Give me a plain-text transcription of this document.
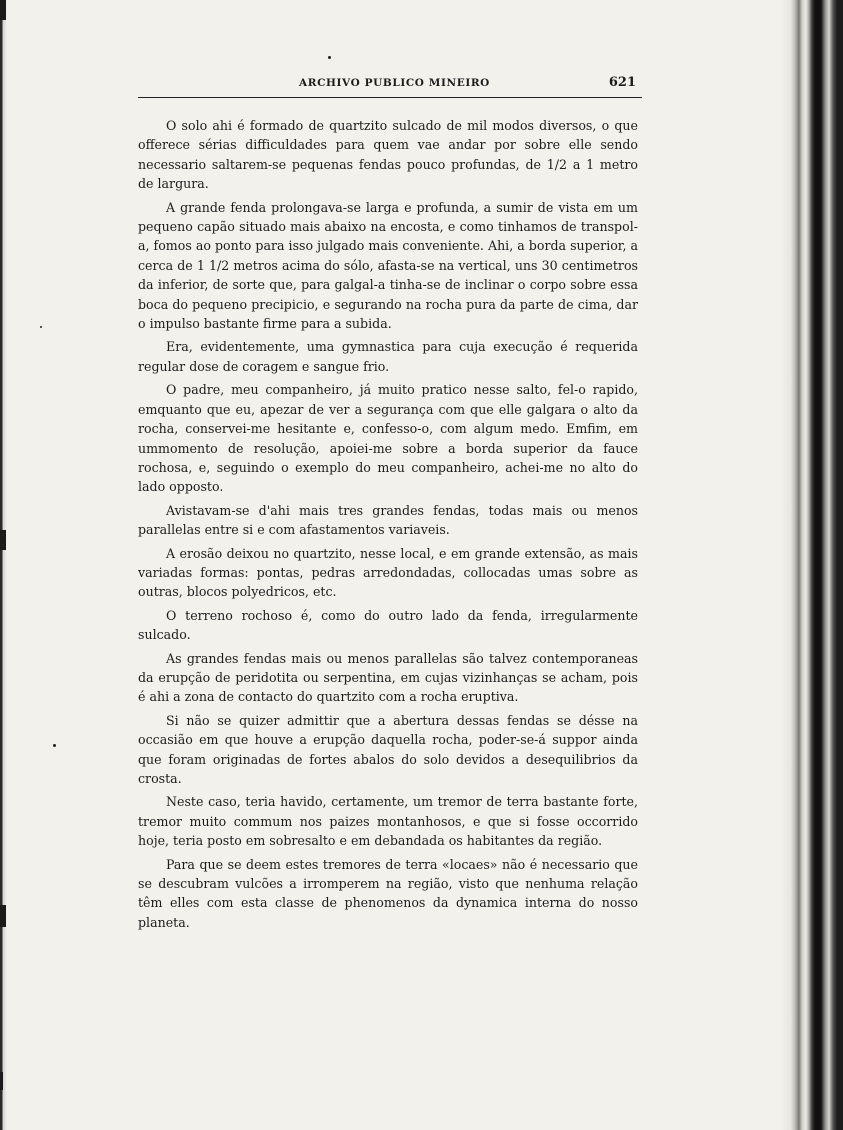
ARCHIVO PUBLICO MINEIRO	621

O solo ahi é formado de quartzito sulcado de mil modos diversos, o que offerece sérias difficuldades para quem vae andar por sobre elle sendo necessario saltarem-se pequenas fendas pouco profundas, de 1/2 a 1 metro de largura.

A grande fenda prolongava-se larga e profunda, a sumir de vista em um pequeno capão situado mais abaixo na encosta, e como tinhamos de transpol-a, fomos ao ponto para isso julgado mais conveniente. Ahi, a borda superior, a cerca de 1 1/2 metros acima do sólo, afasta-se na vertical, uns 30 centimetros da inferior, de sorte que, para galgal-a tinha-se de inclinar o corpo sobre essa boca do pequeno precipicio, e segurando na rocha pura da parte de cima, dar o impulso bastante firme para a subida.

Era, evidentemente, uma gymnastica para cuja execução é requerida regular dose de coragem e sangue frio.

O padre, meu companheiro, já muito pratico nesse salto, fel-o rapido, emquanto que eu, apezar de ver a segurança com que elle galgara o alto da rocha, conservei-me hesitante e, confesso-o, com algum medo. Emfim, em ummomento de resolução, apoiei-me sobre a borda superior da fauce rochosa, e, seguindo o exemplo do meu companheiro, achei-me no alto do lado opposto.

Avistavam-se d'ahi mais tres grandes fendas, todas mais ou menos parallelas entre si e com afastamentos variaveis.

A erosão deixou no quartzito, nesse local, e em grande extensão, as mais variadas formas: pontas, pedras arredondadas, collocadas umas sobre as outras, blocos polyedricos, etc.

O terreno rochoso é, como do outro lado da fenda, irregularmente sulcado.

As grandes fendas mais ou menos parallelas são talvez contemporaneas da erupção de peridotita ou serpentina, em cujas vizinhanças se acham, pois é ahi a zona de contacto do quartzito com a rocha eruptiva.

Si não se quizer admittir que a abertura dessas fendas se désse na occasião em que houve a erupção daquella rocha, poder-se-á suppor ainda que foram originadas de fortes abalos do solo devidos a desequilibrios da crosta.

Neste caso, teria havido, certamente, um tremor de terra bastante forte, tremor muito commum nos paizes montanhosos, e que si fosse occorrido hoje, teria posto em sobresalto e em debandada os habitantes da região.

Para que se deem estes tremores de terra «locaes» não é necessario que se descubram vulcões a irromperem na região, visto que nenhuma relação têm elles com esta classe de phenomenos da dynamica interna do nosso planeta.
